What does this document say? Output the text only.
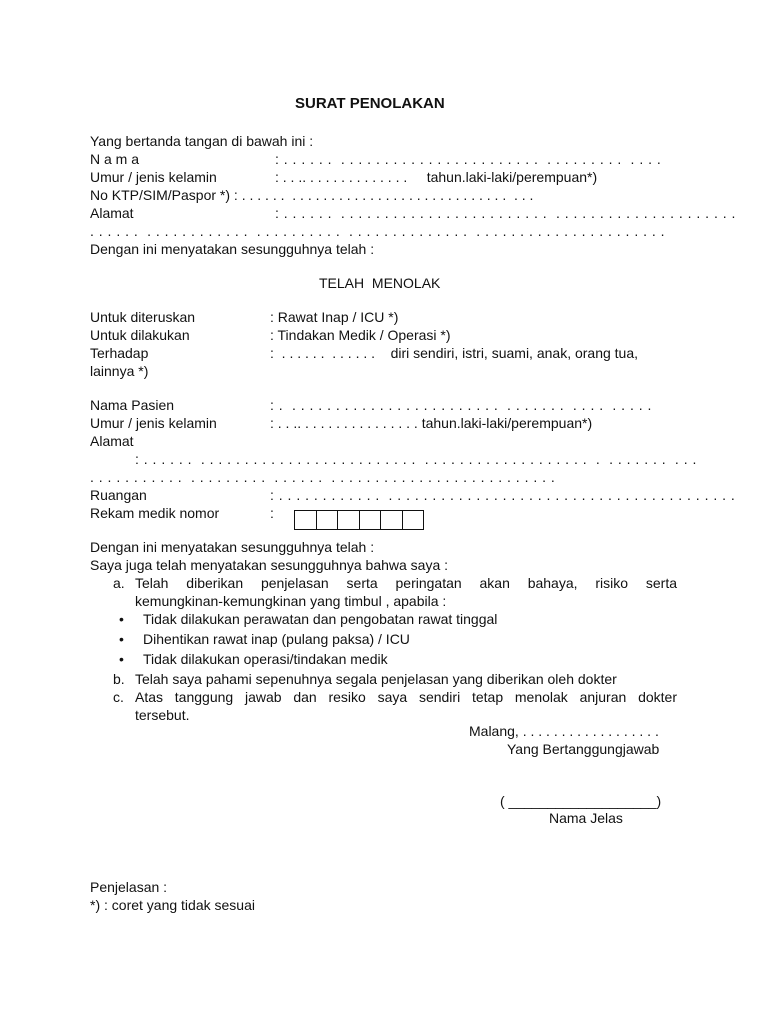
SURAT PENOLAKAN
Yang bertanda tangan di bawah ini :
N a m a	: . . . . . .  . . . . . . . . . . . . . . . . . . . . . . .  . . . . . . . . .  . . . .
Umur / jenis kelamin	: . . .. . . . . . . . . . . . . .     tahun.laki-laki/perempuan*)
No KTP/SIM/Paspor *) : . . . . . .  . . . . . . . . . . . . . . . . . . . . . . . . . . . .  . . .
Alamat	: . . . . . .  . . . . . . . . . . . . . . . . . . . . . . . .  . . . . . . . . . . . . . . . . . . . . .
. . . . . .  . . . . . . . . . . . .  . . . . . . . . . .  . . . . . . . . . . . . . .  . . . . . . . . . . . . . . . . . . . . . .
Dengan ini menyatakan sesungguhnya telah :
TELAH  MENOLAK
Untuk diteruskan	: Rawat Inap / ICU *)
Untuk dilakukan	: Tindakan Medik / Operasi *)
Terhadap	:  . . . . . .  . . . . . .    diri sendiri, istri, suami, anak, orang tua,
lainnya *)
Nama Pasien	: .  . . . . . . . . . . . . . . . . . . . . . . . .  . . . . . . .  . . . .  . . . . .
Umur / jenis kelamin	: . . .. . . . . . . . . . . . . . . . tahun.laki-laki/perempuan*)
Alamat
: . . . . . .  . . . . . . . . . . . . . . . . . . . . . . . . .  . . . . . . . . . . . . . . . . . . .  .  . . . . . . .  . . .
. . . . . . . . . . .  . . . . . . . . .  . . . . . .  . . . . . . . . . . . . . . . . . . . . . . . . . .
Ruangan	: . . . . . . . . . . . .  . . . . . . . . . . . . . . . . . . . . . . . . . . . . . . . . . . . . . . . .
Rekam medik nomor	:
Dengan ini menyatakan sesungguhnya telah :
Saya juga telah menyatakan sesungguhnya bahwa saya :
a. Telah diberikan penjelasan serta peringatan akan bahaya, risiko serta
kemungkinan-kemungkinan yang timbul , apabila :
• Tidak dilakukan perawatan dan pengobatan rawat tinggal
• Dihentikan rawat inap (pulang paksa) / ICU
• Tidak dilakukan operasi/tindakan medik
b. Telah saya pahami sepenuhnya segala penjelasan yang diberikan oleh dokter
c. Atas tanggung jawab dan resiko saya sendiri tetap menolak anjuran dokter
tersebut.
Malang, . . . . . . . . . . . . . . . . . .
Yang Bertanggungjawab
( ___________________)
Nama Jelas
Penjelasan :
*) : coret yang tidak sesuai
